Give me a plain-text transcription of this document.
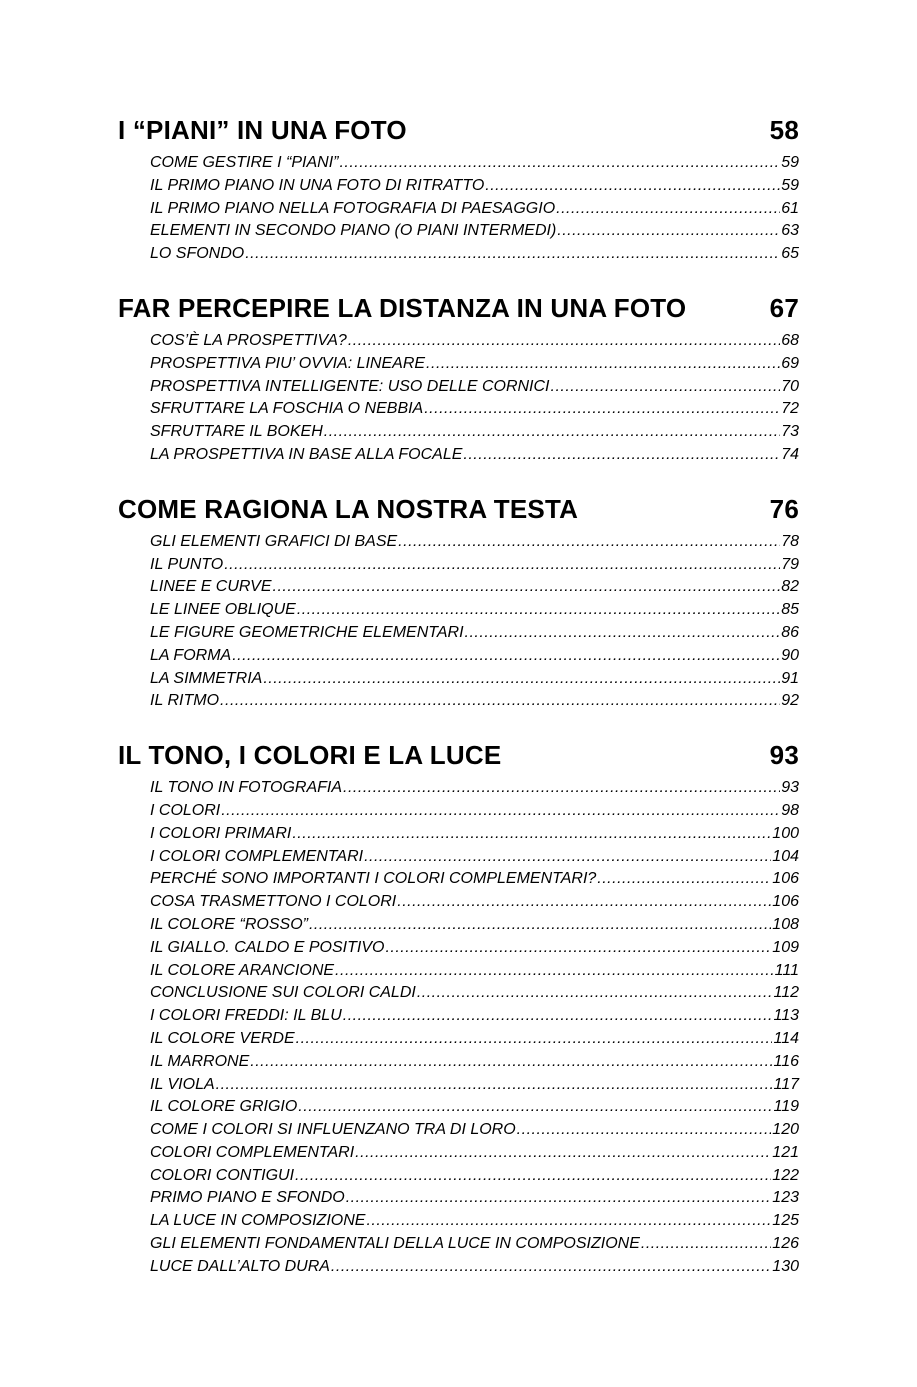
I “PIANI” IN UNA FOTO	58
COME GESTIRE I “PIANI” .....	59
IL PRIMO PIANO IN UNA FOTO DI RITRATTO .....	59
IL PRIMO PIANO NELLA FOTOGRAFIA DI PAESAGGIO .....	61
ELEMENTI IN SECONDO PIANO (O PIANI INTERMEDI) .....	63
LO SFONDO .....	65
FAR PERCEPIRE LA DISTANZA IN UNA FOTO	67
COS’È LA PROSPETTIVA? .....	68
PROSPETTIVA PIU’ OVVIA: LINEARE .....	69
PROSPETTIVA INTELLIGENTE: USO DELLE CORNICI .....	70
SFRUTTARE LA FOSCHIA O NEBBIA .....	72
SFRUTTARE IL BOKEH .....	73
LA PROSPETTIVA IN BASE ALLA FOCALE .....	74
COME RAGIONA LA NOSTRA TESTA	76
GLI ELEMENTI GRAFICI DI BASE .....	78
IL PUNTO .....	79
LINEE E CURVE .....	82
LE LINEE OBLIQUE .....	85
LE FIGURE GEOMETRICHE ELEMENTARI .....	86
LA FORMA .....	90
LA SIMMETRIA .....	91
IL RITMO .....	92
IL TONO, I COLORI E LA LUCE	93
IL TONO IN FOTOGRAFIA .....	93
I COLORI .....	98
I COLORI PRIMARI .....	100
I COLORI COMPLEMENTARI .....	104
PERCHÉ SONO IMPORTANTI I COLORI COMPLEMENTARI? .....	106
COSA TRASMETTONO I COLORI .....	106
IL COLORE “ROSSO” .....	108
IL GIALLO. CALDO E POSITIVO .....	109
IL COLORE ARANCIONE .....	111
CONCLUSIONE SUI COLORI CALDI .....	112
I COLORI FREDDI: IL BLU .....	113
IL COLORE VERDE .....	114
IL MARRONE .....	116
IL VIOLA .....	117
IL COLORE GRIGIO .....	119
COME I COLORI SI INFLUENZANO TRA DI LORO .....	120
COLORI COMPLEMENTARI .....	121
COLORI CONTIGUI .....	122
PRIMO PIANO E SFONDO .....	123
LA LUCE IN COMPOSIZIONE .....	125
GLI ELEMENTI FONDAMENTALI DELLA LUCE IN COMPOSIZIONE .....	126
LUCE DALL’ALTO DURA .....	130
